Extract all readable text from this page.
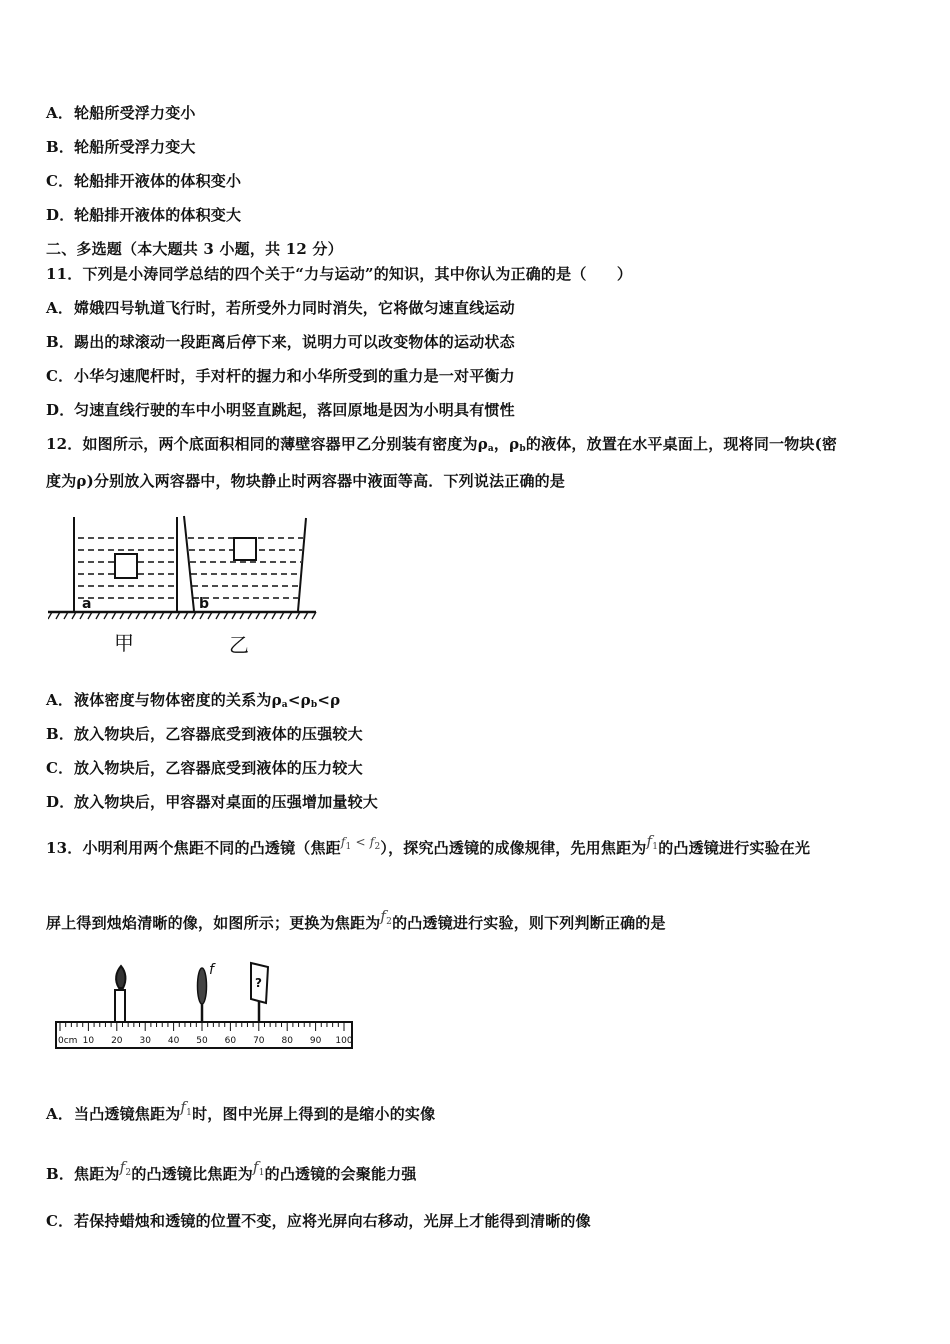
A．轮船所受浮力变小
B．轮船所受浮力变大
C．轮船排开液体的体积变小
D．轮船排开液体的体积变大
二、多选题（本大题共 3 小题，共 12 分）
11．下列是小涛同学总结的四个关于“力与运动”的知识，其中你认为正确的是（　　）
A．嫦娥四号轨道飞行时，若所受外力同时消失，它将做匀速直线运动
B．踢出的球滚动一段距离后停下来，说明力可以改变物体的运动状态
C．小华匀速爬杆时，手对杆的握力和小华所受到的重力是一对平衡力
D．匀速直线行驶的车中小明竖直跳起，落回原地是因为小明具有惯性
12．如图所示，两个底面积相同的薄壁容器甲乙分别装有密度为$\rho_a$，$\rho_b$的液体，放置在水平桌面上，现将同一物块(密
度为ρ)分别放入两容器中，物块静止时两容器中液面等高．下列说法正确的是
a	b
甲	乙
A．液体密度与物体密度的关系为$\rho_a<\rho_b<\rho$
B．放入物块后，乙容器底受到液体的压强较大
C．放入物块后，乙容器底受到液体的压力较大
D．放入物块后，甲容器对桌面的压强增加量较大
13．小明利用两个焦距不同的凸透镜（焦距$f_1 < f_2$），探究凸透镜的成像规律，先用焦距为$f_1$的凸透镜进行实验在光
屏上得到烛焰清晰的像，如图所示；更换为焦距为$f_2$的凸透镜进行实验，则下列判断正确的是
f
?
0cm 10 20 30 40 50 60 70 80 90 100
A．当凸透镜焦距为$f_1$时，图中光屏上得到的是缩小的实像
B．焦距为$f_2$的凸透镜比焦距为$f_1$的凸透镜的会聚能力强
C．若保持蜡烛和透镜的位置不变，应将光屏向右移动，光屏上才能得到清晰的像
